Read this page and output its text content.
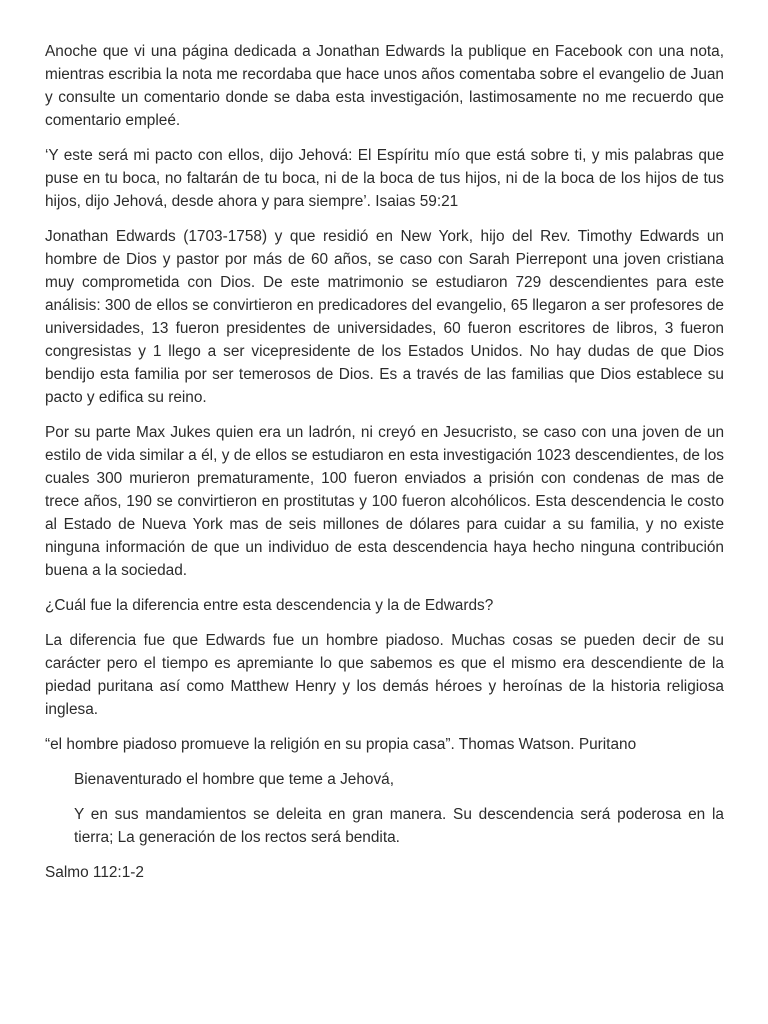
Anoche que vi una página dedicada a Jonathan Edwards la publique en Facebook con una nota, mientras escribia la nota me recordaba que hace unos años comentaba sobre el evangelio de Juan y consulte un comentario donde se daba esta investigación, lastimosamente no me recuerdo que comentario empleé.

‘Y este será mi pacto con ellos, dijo Jehová: El Espíritu mío que está sobre ti, y mis palabras que puse en tu boca, no faltarán de tu boca, ni de la boca de tus hijos, ni de la boca de los hijos de tus hijos, dijo Jehová, desde ahora y para siempre’. Isaias 59:21

Jonathan Edwards (1703-1758) y que residió en New York, hijo del Rev. Timothy Edwards un hombre de Dios y pastor por más de 60 años, se caso con Sarah Pierrepont una joven cristiana muy comprometida con Dios. De este matrimonio se estudiaron 729 descendientes para este análisis: 300 de ellos se convirtieron en predicadores del evangelio, 65 llegaron a ser profesores de universidades, 13 fueron presidentes de universidades, 60 fueron escritores de libros, 3 fueron congresistas y 1 llego a ser vicepresidente de los Estados Unidos. No hay dudas de que Dios bendijo esta familia por ser temerosos de Dios. Es a través de las familias que Dios establece su pacto y edifica su reino.

Por su parte Max Jukes quien era un ladrón, ni creyó en Jesucristo, se caso con una joven de un estilo de vida similar a él, y de ellos se estudiaron en esta investigación 1023 descendientes, de los cuales 300 murieron prematuramente, 100 fueron enviados a prisión con condenas de mas de trece años, 190 se convirtieron en prostitutas y 100 fueron alcohólicos. Esta descendencia le costo al Estado de Nueva York mas de seis millones de dólares para cuidar a su familia, y no existe ninguna información de que un individuo de esta descendencia haya hecho ninguna contribución buena a la sociedad.

¿Cuál fue la diferencia entre esta descendencia y la de Edwards?

La diferencia fue que Edwards fue un hombre piadoso. Muchas cosas se pueden decir de su carácter pero el tiempo es apremiante lo que sabemos es que el mismo era descendiente de la piedad puritana así como Matthew Henry y los demás héroes y heroínas de la historia religiosa inglesa.

“el hombre piadoso promueve la religión en su propia casa”. Thomas Watson. Puritano

Bienaventurado el hombre que teme a Jehová,
Y en sus mandamientos se deleita en gran manera. Su descendencia será poderosa en la tierra; La generación de los rectos será bendita.

Salmo 112:1-2
